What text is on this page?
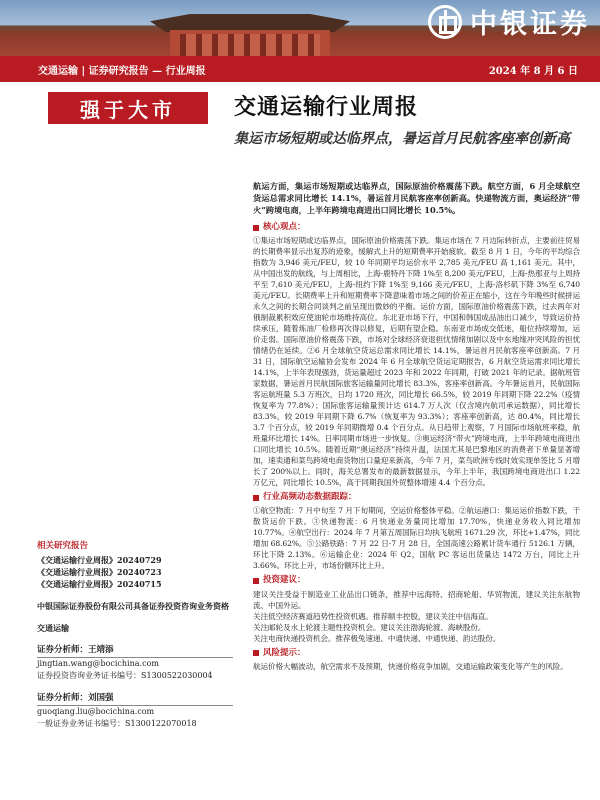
中银证券
交通运输 | 证券研究报告 — 行业周报	2024 年 8 月 6 日
强于大市	交通运输行业周报
集运市场短期或达临界点，暑运首月民航客座率创新高
航运方面，集运市场短期或达临界点，国际原油价格震荡下跌。航空方面，6 月全球航空货运总需求同比增长 14.1%，暑运首月民航客座率创新高。快递物流方面，奥运经济“带火”跨境电商，上半年跨境电商进出口同比增长 10.5%。
核心观点：
①集运市场短期或达临界点，国际原油价格震荡下跌。集运市场在 7 月边际转折点，主要前往贸易的长期费率显示出复苏的迹象，缓解式上升的短期费率开始疲软。截至 8 月 1 日，今年的平均综合指数为 3,946 美元/FEU，较 10 年同期平均运价水平 2,785 美元/FEU 高 1,161 美元。其中，从中国出发的航线，与上周相比，上海-鹿特丹下降 1%至 8,200 美元/FEU，上海-热那亚与上周持平至 7,610 美元/FEU，上海-纽约下降 1%至 9,166 美元/FEU，上海-洛杉矶下降 3%至 6,740 美元/FEU。长期费率上升和短期费率下降意味着市场之间的价差正在缩小，这在今年晚些时候拼运永久之间的长期合同谈判之前呈现出微妙的平衡。运价方面，国际原油价格震荡下跌，过去两年对俄制裁累积效应使油轮市场维持高位。东北亚市场下行，中国和韩国成品油出口减少，导致运价持续承压，随着炼油厂检修再次得以修复，后期有望企稳。东南亚市场成交低迷，船位持续增加，运价走弱。国际原油价格震荡下跌，市场对全球经济衰退担忧情绪加剧以及中东地缘冲突风险的担忧情绪仍在延续。②6 月全球航空货运总需求同比增长 14.1%，暑运首月民航客座率创新高。7 月 31 日，国际航空运输协会发布 2024 年 6 月全球航空货运定期报告，6 月航空货运需求同比增长 14.1%，上半年表现强劲，货运量超过 2023 年和 2022 年同期，打破 2021 年的记录。据航班管家数据，暑运首月民航国际旅客运输量同比增长 83.3%，客座率创新高。今年暑运首月，民航国际客运航班量 5.3 万班次，日均 1720 班次，同比增长 66.5%，较 2019 年同期下降 22.2%（疫情恢复率为 77.8%）；国际旅客运输量预计达 614.7 万人次（仅含境内航司承运数据），同比增长 83.3%，较 2019 年同期下降 6.7%（恢复率为 93.3%）；客座率创新高，达 80.4%，同比增长 3.7 个百分点，较 2019 年同期微增 0.4 个百分点。从日趋带上观察，7 月国际市场航班率稳，航班量环比增长 14%。日率同期市场进一步恢复。③奥运经济“带火”跨境电商，上半年跨境电商进出口同比增长 10.5%。随着近期“奥运经济”持续升温，法国尤其是巴黎地区的消费者下单量显著增加，速卖通和菜鸟跨境电商货物出口量迎来新高，今年 7 月，菜鸟欧洲专线时效实现单签比 5 月增长了 200%以上。同时，海关总署发布的最新数据显示，今年上半年，我国跨境电商进出口 1.22 万亿元，同比增长 10.5%，高于同期我国外贸整体增速 4.4 个百分点。
行业高频动态数据跟踪：
①航空物流：7 月中旬至 7 月下旬期间，空运价格整体平稳。②航运港口：集运运价指数下跌，干散货运价下跌。③快递物流：6 月快递业务量同比增加 17.70%，快递业务收入同比增加 10.77%。④航空出行：2024 年 7 月第五周国际日均执飞航班 1671.29 次，环比+1.47%，同比增加 68.62%。⑤公路铁路：7 月 22 日-7 月 28 日，全国高速公路累计货车通行 5126.1 万辆，环比下降 2.13%。⑥运输企业：2024 年 Q2，国航 PC 客运出货量达 1472 万台，同比上升 3.66%。环比上升，市场份额环比上升。
投资建议：
建议关注受益于制造业工业品出口链条，推荐中远海特、招商轮船、华贸物流，建议关注东航物流、中国外运。
关注低空经济赛道趋势性投资机遇。推荐顺丰控股，建议关注中信海直。
关注邮轮及水上轮渡主题性投资机会。建议关注渤海轮渡、海峡股份。
关注电商快递投资机会。推荐极兔速递、中通快递、中通快递、韵达股份。
风险提示：
航运价格大幅波动，航空需求不及预期，快递价格竞争加剧，交通运输政策变化等产生的风险。
相关研究报告
《交通运输行业周报》20240729
《交通运输行业周报》20240723
《交通运输行业周报》20240715
中银国际证券股份有限公司具备证券投资咨询业务资格
交通运输
证券分析师：王靖添
jingtian.wang@bocichina.com
证券投资咨询业务证书编号：S1300522030004
证券分析师：刘国强
guoqiang.liu@bocichina.com
一般证券业务证书编号：S1300122070018
